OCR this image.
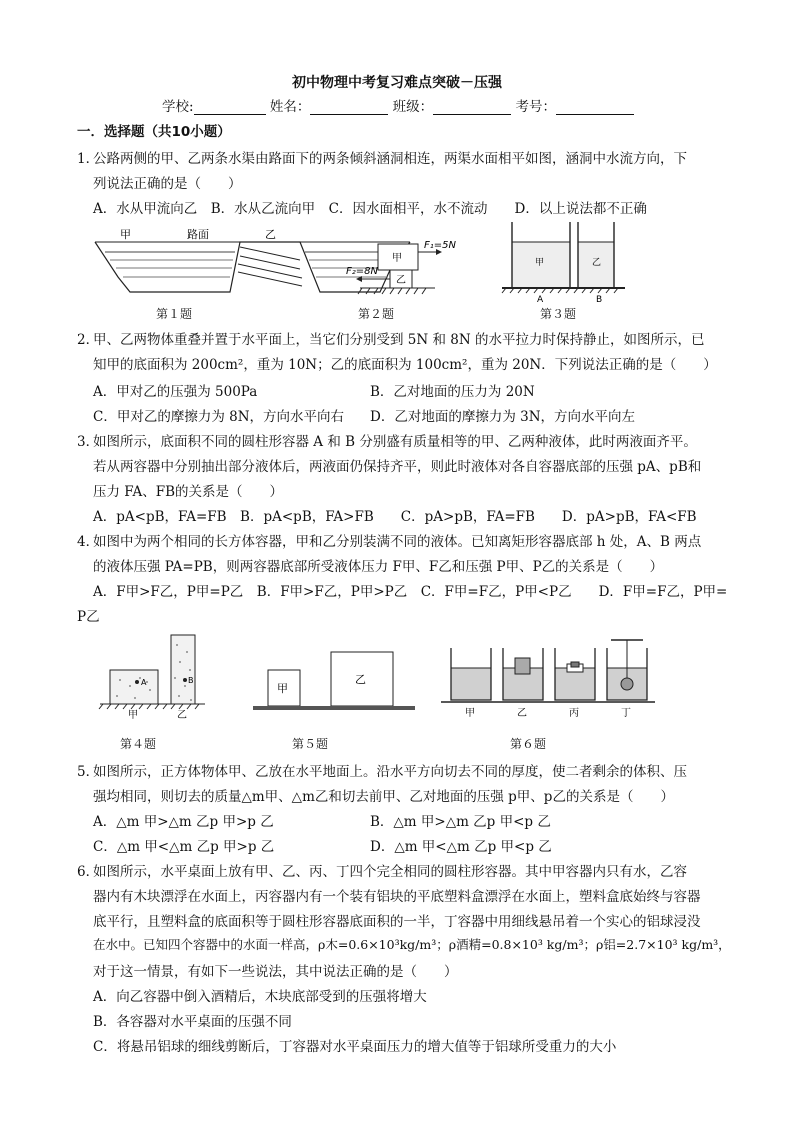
初中物理中考复习难点突破－压强
学校:	姓名：	班级：	考号：
一．选择题（共10小题）
1．
公路两侧的甲、乙两条水渠由路面下的两条倾斜涵洞相连，两渠水面相平如图，涵洞中水流方向，下
列说法正确的是（　　）
A．水从甲流向乙　B．水从乙流向甲　C．因水面相平，水不流动　　D．以上说法都不正确
甲	路面	乙
甲
乙
F₁=5N
F₂=8N
甲	乙
A	B
第１题	第２题	第３题
2．
甲、乙两物体重叠并置于水平面上，当它们分别受到 5N 和 8N 的水平拉力时保持静止，如图所示，已
知甲的底面积为 200cm²，重为 10N；乙的底面积为 100cm²，重为 20N．下列说法正确的是（　　）
A．甲对乙的压强为 500Pa	B．乙对地面的压力为 20N
C．甲对乙的摩擦力为 8N，方向水平向右 D．乙对地面的摩擦力为 3N，方向水平向左
3．
如图所示，底面积不同的圆柱形容器 A 和 B 分别盛有质量相等的甲、乙两种液体，此时两液面齐平。
若从两容器中分别抽出部分液体后，两液面仍保持齐平，则此时液体对各自容器底部的压强 pA、pB和
压力 FA、FB的关系是（　　）
A．pA<pB，FA=FB　B．pA<pB，FA>FB　　C．pA>pB，FA=FB　　D．pA>pB，FA<FB
4．
如图中为两个相同的长方体容器，甲和乙分别装满不同的液体。已知离矩形容器底部 h 处，A、B 两点
的液体压强 PA=PB，则两容器底部所受液体压力 F甲、F乙和压强 P甲、P乙的关系是（　　）
A．F甲>F乙，P甲=P乙　B．F甲>F乙，P甲>P乙　C．F甲=F乙，P甲<P乙　　D．F甲=F乙，P甲=
P乙
A	B
甲	乙
甲
乙
甲	乙	丙	丁
第４题	第５题	第６题
5．
如图所示，正方体物体甲、乙放在水平地面上。沿水平方向切去不同的厚度，使二者剩余的体积、压
强均相同，则切去的质量△m甲、△m乙和切去前甲、乙对地面的压强 p甲、p乙的关系是（　　）
A．△m 甲>△m 乙p 甲>p 乙	B．△m 甲>△m 乙p 甲<p 乙
C．△m 甲<△m 乙p 甲>p 乙	D．△m 甲<△m 乙p 甲<p 乙
6．
如图所示，水平桌面上放有甲、乙、丙、丁四个完全相同的圆柱形容器。其中甲容器内只有水，乙容
器内有木块漂浮在水面上，丙容器内有一个装有铝块的平底塑料盒漂浮在水面上，塑料盒底始终与容器
底平行，且塑料盒的底面积等于圆柱形容器底面积的一半，丁容器中用细线悬吊着一个实心的铝球浸没
在水中。已知四个容器中的水面一样高，ρ木=0.6×10³kg/m³；ρ酒精=0.8×10³ kg/m³；ρ铝=2.7×10³ kg/m³，
对于这一情景，有如下一些说法，其中说法正确的是（　　）
A．向乙容器中倒入酒精后，木块底部受到的压强将增大
B．各容器对水平桌面的压强不同
C．将悬吊铝球的细线剪断后，丁容器对水平桌面压力的增大值等于铝球所受重力的大小
